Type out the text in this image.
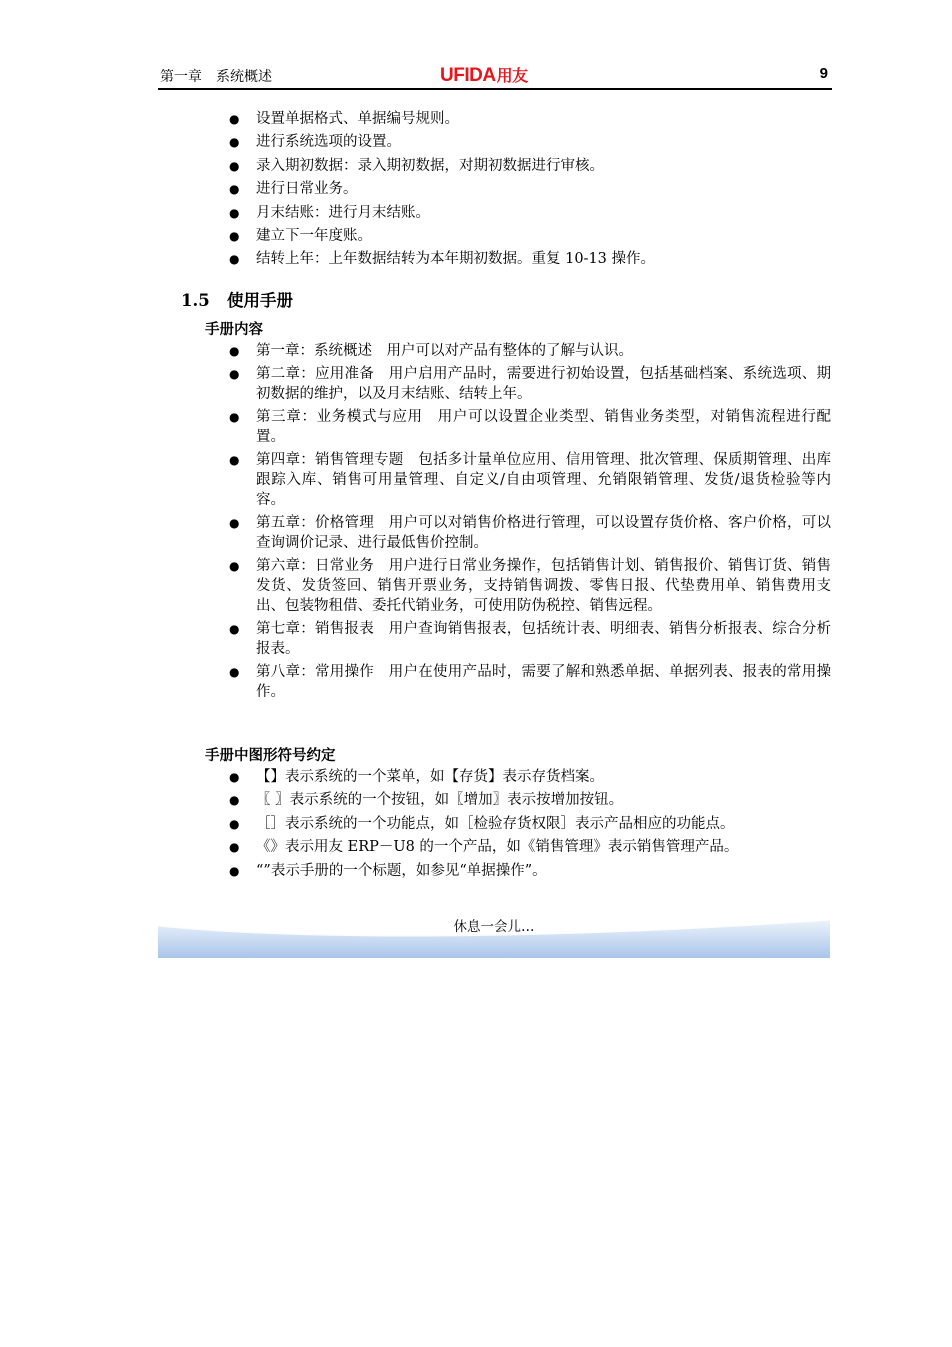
第一章　系统概述	UFIDA用友	9
● 设置单据格式、单据编号规则。
● 进行系统选项的设置。
● 录入期初数据：录入期初数据，对期初数据进行审核。
● 进行日常业务。
● 月末结账：进行月末结账。
● 建立下一年度账。
● 结转上年：上年数据结转为本年期初数据。重复 10-13 操作。
1.5 使用手册
手册内容
● 第一章：系统概述　用户可以对产品有整体的了解与认识。
● 第二章：应用准备　用户启用产品时，需要进行初始设置，包括基础档案、系统选项、期初数据的维护，以及月末结账、结转上年。
● 第三章：业务模式与应用　用户可以设置企业类型、销售业务类型，对销售流程进行配置。
● 第四章：销售管理专题　包括多计量单位应用、信用管理、批次管理、保质期管理、出库跟踪入库、销售可用量管理、自定义/自由项管理、允销限销管理、发货/退货检验等内容。
● 第五章：价格管理　用户可以对销售价格进行管理，可以设置存货价格、客户价格，可以查询调价记录、进行最低售价控制。
● 第六章：日常业务　用户进行日常业务操作，包括销售计划、销售报价、销售订货、销售发货、发货签回、销售开票业务，支持销售调拨、零售日报、代垫费用单、销售费用支出、包装物租借、委托代销业务，可使用防伪税控、销售远程。
● 第七章：销售报表　用户查询销售报表，包括统计表、明细表、销售分析报表、综合分析报表。
● 第八章：常用操作　用户在使用产品时，需要了解和熟悉单据、单据列表、报表的常用操作。
手册中图形符号约定
● 【】表示系统的一个菜单，如【存货】表示存货档案。
● 〖 〗表示系统的一个按钮，如〖增加〗表示按增加按钮。
● ［］表示系统的一个功能点，如［检验存货权限］表示产品相应的功能点。
● 《》表示用友 ERP－U8 的一个产品，如《销售管理》表示销售管理产品。
● “”表示手册的一个标题，如参见“单据操作”。
休息一会儿…
